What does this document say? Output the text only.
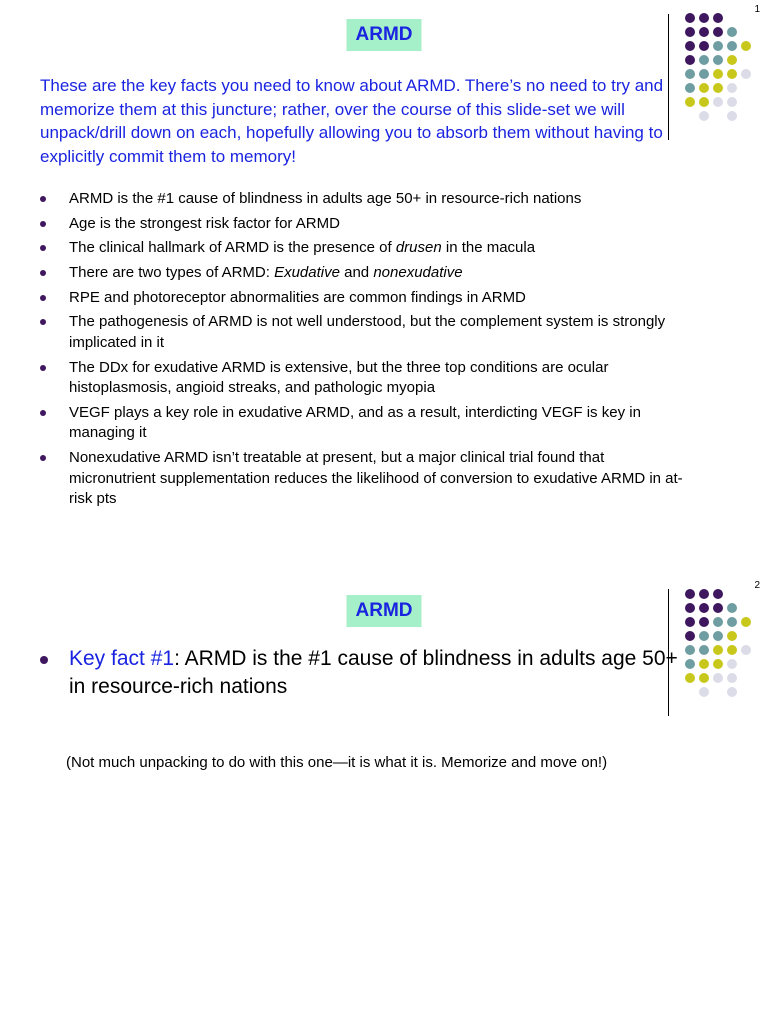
1
ARMD

These are the key facts you need to know about ARMD. There’s no need to try and memorize them at this juncture; rather, over the course of this slide-set we will unpack/drill down on each, hopefully allowing you to absorb them without having to explicitly commit them to memory!

ARMD is the #1 cause of blindness in adults age 50+ in resource-rich nations
Age is the strongest risk factor for ARMD
The clinical hallmark of ARMD is the presence of drusen in the macula
There are two types of ARMD: Exudative and nonexudative
RPE and photoreceptor abnormalities are common findings in ARMD
The pathogenesis of ARMD is not well understood, but the complement system is strongly implicated in it
The DDx for exudative ARMD is extensive, but the three top conditions are ocular histoplasmosis, angioid streaks, and pathologic myopia
VEGF plays a key role in exudative ARMD, and as a result, interdicting VEGF is key in managing it
Nonexudative ARMD isn’t treatable at present, but a major clinical trial found that micronutrient supplementation reduces the likelihood of conversion to exudative ARMD in at-risk pts
2
ARMD

Key fact #1: ARMD is the #1 cause of blindness in adults age 50+ in resource-rich nations

(Not much unpacking to do with this one—it is what it is. Memorize and move on!)
